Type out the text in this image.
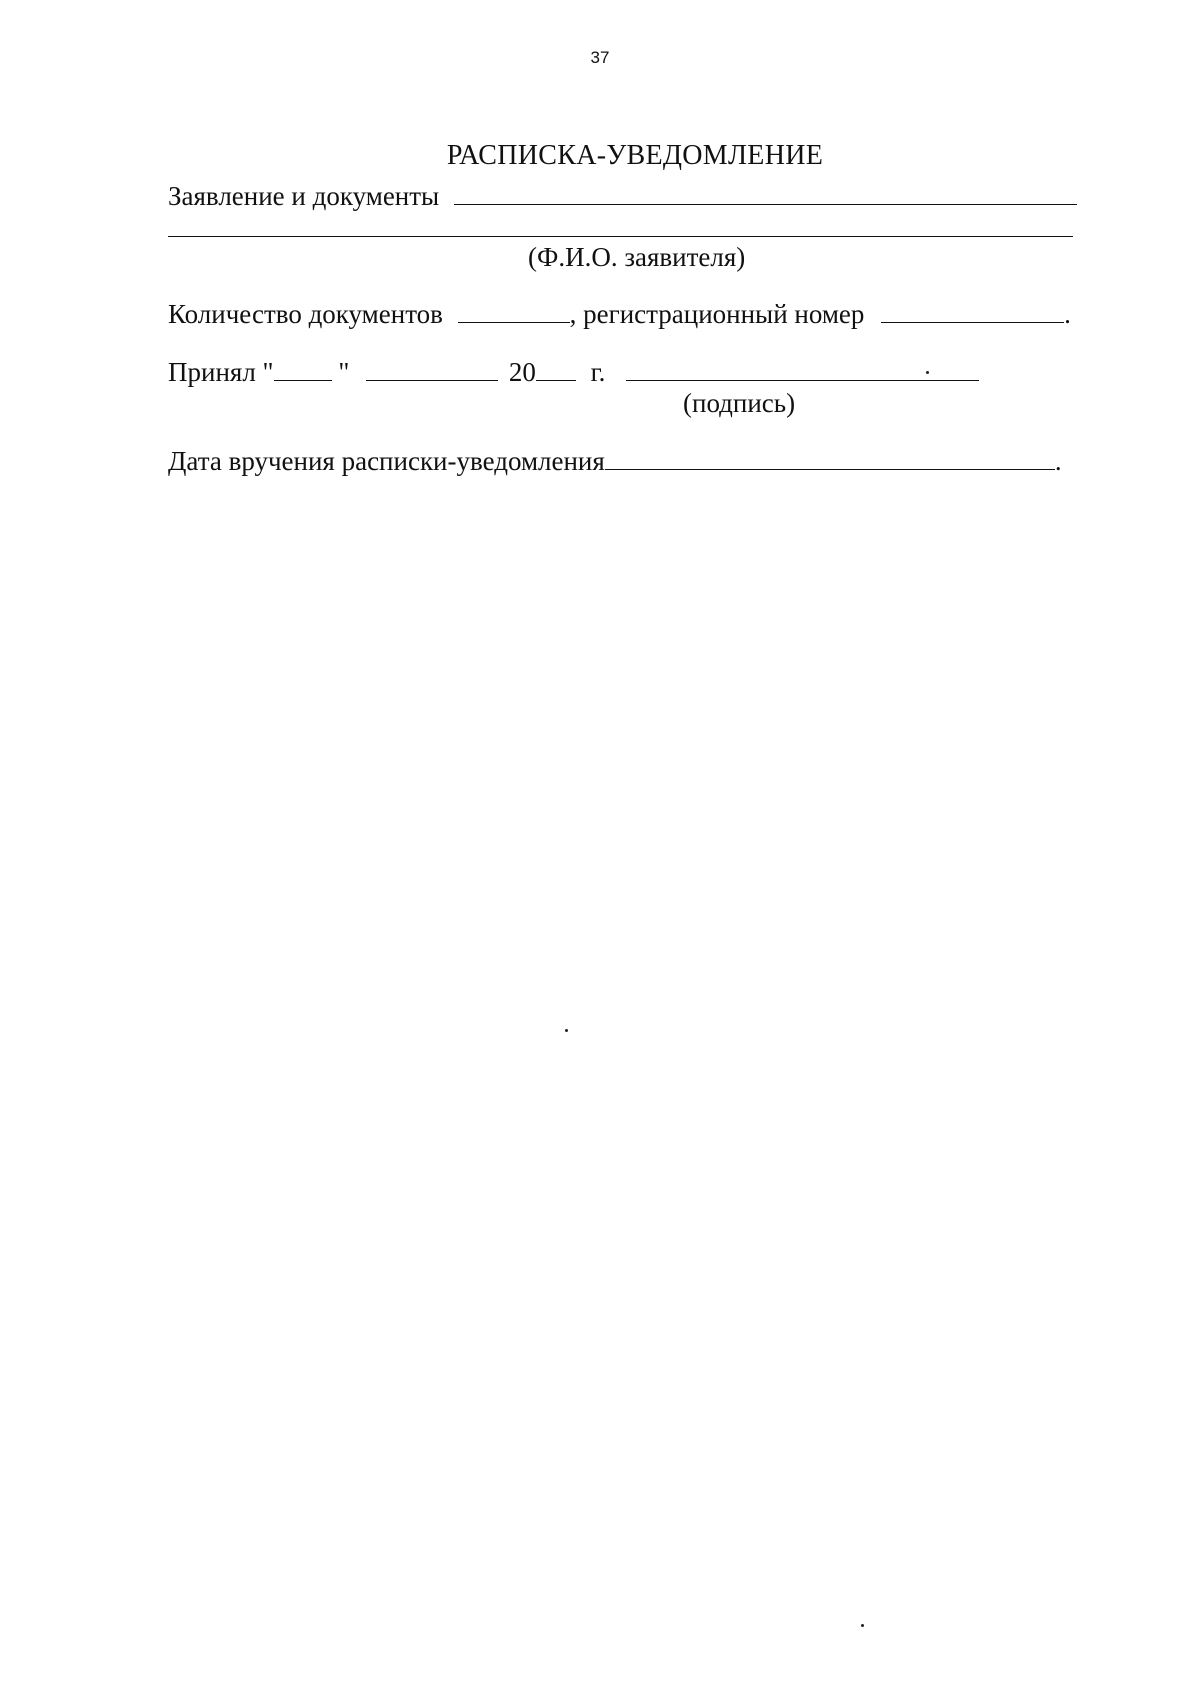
37
РАСПИСКА-УВЕДОМЛЕНИЕ
Заявление и документы
(Ф.И.О. заявителя)
Количество документов	, регистрационный номер	.
Принял " "	20 г.
(подпись)
Дата вручения расписки-уведомления	.
